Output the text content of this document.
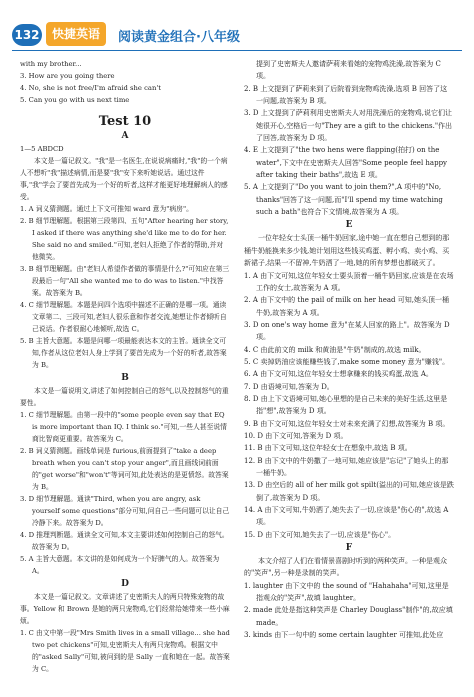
132	快捷英语	阅读黄金组合·八年级

with my brother...

3. How are you going there

4. No, she is not free/I'm afraid she can't

5. Can you go with us next time

Test 10
A

1—5 ABDCD

本文是一篇记叙文。"我"是一名医生,在说说病痛时,"我"的一个病人不想听"我"描述病情,而是要"我"安下来听她说话。通过这件事,"我"学会了要首先成为一个好的听者,这样才能更好地理解病人的感受。

1. A 词义猜测题。通过上下文可推知 ward 意为"病房"。

2. B 细节理解题。根据第三段第四、五句"After hearing her story, I asked if there was anything she'd like me to do for her. She said no and smiled."可知,老妇人拒绝了作者的帮助,并对他微笑。

3. B 细节理解题。由"老妇人希望作者做的事情是什么?"可知应在第三段最后一句"All she wanted me to do was to listen."中找答案。故答案为 B。

4. C 细节理解题。本题是问四个选项中描述不正确的是哪一项。通读文章第二、三段可知,老妇人很乐意和作者交流,她想让作者倾听自己说话。作者很耐心地倾听,故选 C。

5. B 主旨大意题。本题是问哪一项最能表达本文的主旨。通读全文可知,作者从这位老妇人身上学到了要首先成为一个好的听者,故答案为 B。

B

本文是一篇说明文,讲述了如何控制自己的怒气,以及控制怒气的重要性。

1. C 细节理解题。由第一段中的"some people even say that EQ is more important than IQ. I think so."可知,一些人甚至说情商比智商更重要。故答案为 C。

2. B 词义猜测题。画线单词是 furious,前面提到了"take a deep breath when you can't stop your anger",而且画线词前面的"get worse"和"won't"等词可知,此处表达的是更愤怒。故答案为 B。

3. D 细节理解题。通读"Third, when you are angry, ask yourself some questions"部分可知,问自己一些问题可以让自己冷静下来。故答案为 D。

4. D 推理判断题。通读全文可知,本文主要讲述如何控制自己的怒气。故答案为 D。

5. A 主旨大意题。本文讲的是如何成为一个好脾气的人。故答案为 A。

D

本文是一篇记叙文。文章讲述了史密斯夫人的两只特殊宠物的故事。Yellow 和 Brown 是她的两只宠物鸡,它们经常给她带来一些小麻烦。

1. C 由文中第一段"Mrs Smith lives in a small village... she had two pet chickens"可知,史密斯夫人有两只宠物鸡。根据文中的"asked Sally"可知,被问到的是 Sally 一直和她在一起。故答案为 C。

提到了史密斯夫人邀请萨莉来看她的宠物鸡洗澡,故答案为 C 项。

2. B 上文提到了萨莉来到了后院看到宠物鸡洗澡,选项 B 回答了这一问题,故答案为 B 项。

3. D 上文提到了萨莉利用史密斯夫人对用洗澡后的宠物鸡,说它们让她很开心,空格后一句"They are a gift to the chickens."作出了回答,故答案为 D 项。

4. E 上文提到了"the two hens were flapping(拍打) on the water",下文中在史密斯夫人回答"Some people feel happy after taking their baths",故选 E 项。

5. A 上文提到了"Do you want to join them?",A 项中的"No, thanks"回答了这一问题,而"I'll spend my time watching such a bath"也符合下文情境,故答案为 A 项。

E

一位年轻女士头顶一桶牛奶回家,途中她一直在想自己想到的那桶牛奶能换来多少钱,她计划用这些钱买鸡蛋、孵小鸡、卖小鸡、买新裙子,结果一不留神,牛奶洒了一地,她的所有梦想也都破灭了。

1. A 由下文可知,这位年轻女士要头顶着一桶牛奶回家,应该是在农场工作的女士,故答案为 A 项。

2. A 由下文中的 the pail of milk on her head 可知,她头顶一桶牛奶,故答案为 A 项。

3. D on one's way home 意为"在某人回家的路上"。故答案为 D 项。

4. C 由此前文的 milk 和黄油是"牛奶"制成的,故选 milk。

5. C 卖掉奶油应该能赚些钱了,make some money 意为"赚钱"。

6. A 由下文可知,这位年轻女士想拿赚来的钱买鸡蛋,故选 A。

7. D 由语境可知,答案为 D。

8. D 由上下文语境可知,她心里想的是自己未来的美好生活,这里是指"想",故答案为 D 项。

9. B 由下文可知,这位年轻女士对未来充满了幻想,故答案为 B 项。

10. D 由下文可知,答案为 D 项。

11. B 由下文可知,这位年轻女士在想象中,故选 B 项。

12. B 由下文中的牛奶撒了一地可知,她应该是"忘记"了她头上的那一桶牛奶。

13. D 由空后的 all of her milk got spilt(溢出的)可知,她应该是跌倒了,故答案为 D 项。

14. A 由下文可知,牛奶洒了,她失去了一切,应该是"伤心的",故选 A 项。

15. D 由下文可知,她失去了一切,应该是"伤心"。

F

本文介绍了人们在看情景喜剧时听到的两种笑声。一种是观众的"笑声",另一种是录制的笑声。

1. laughter 由下文中的 the sound of "Hahahaha"可知,这里是指观众的"笑声",故填 laughter。

2. made 此处是指这种笑声是 Charley Douglass"制作"的,故应填 made。

3. kinds 由下一句中的 some certain laughter 可推知,此处应
